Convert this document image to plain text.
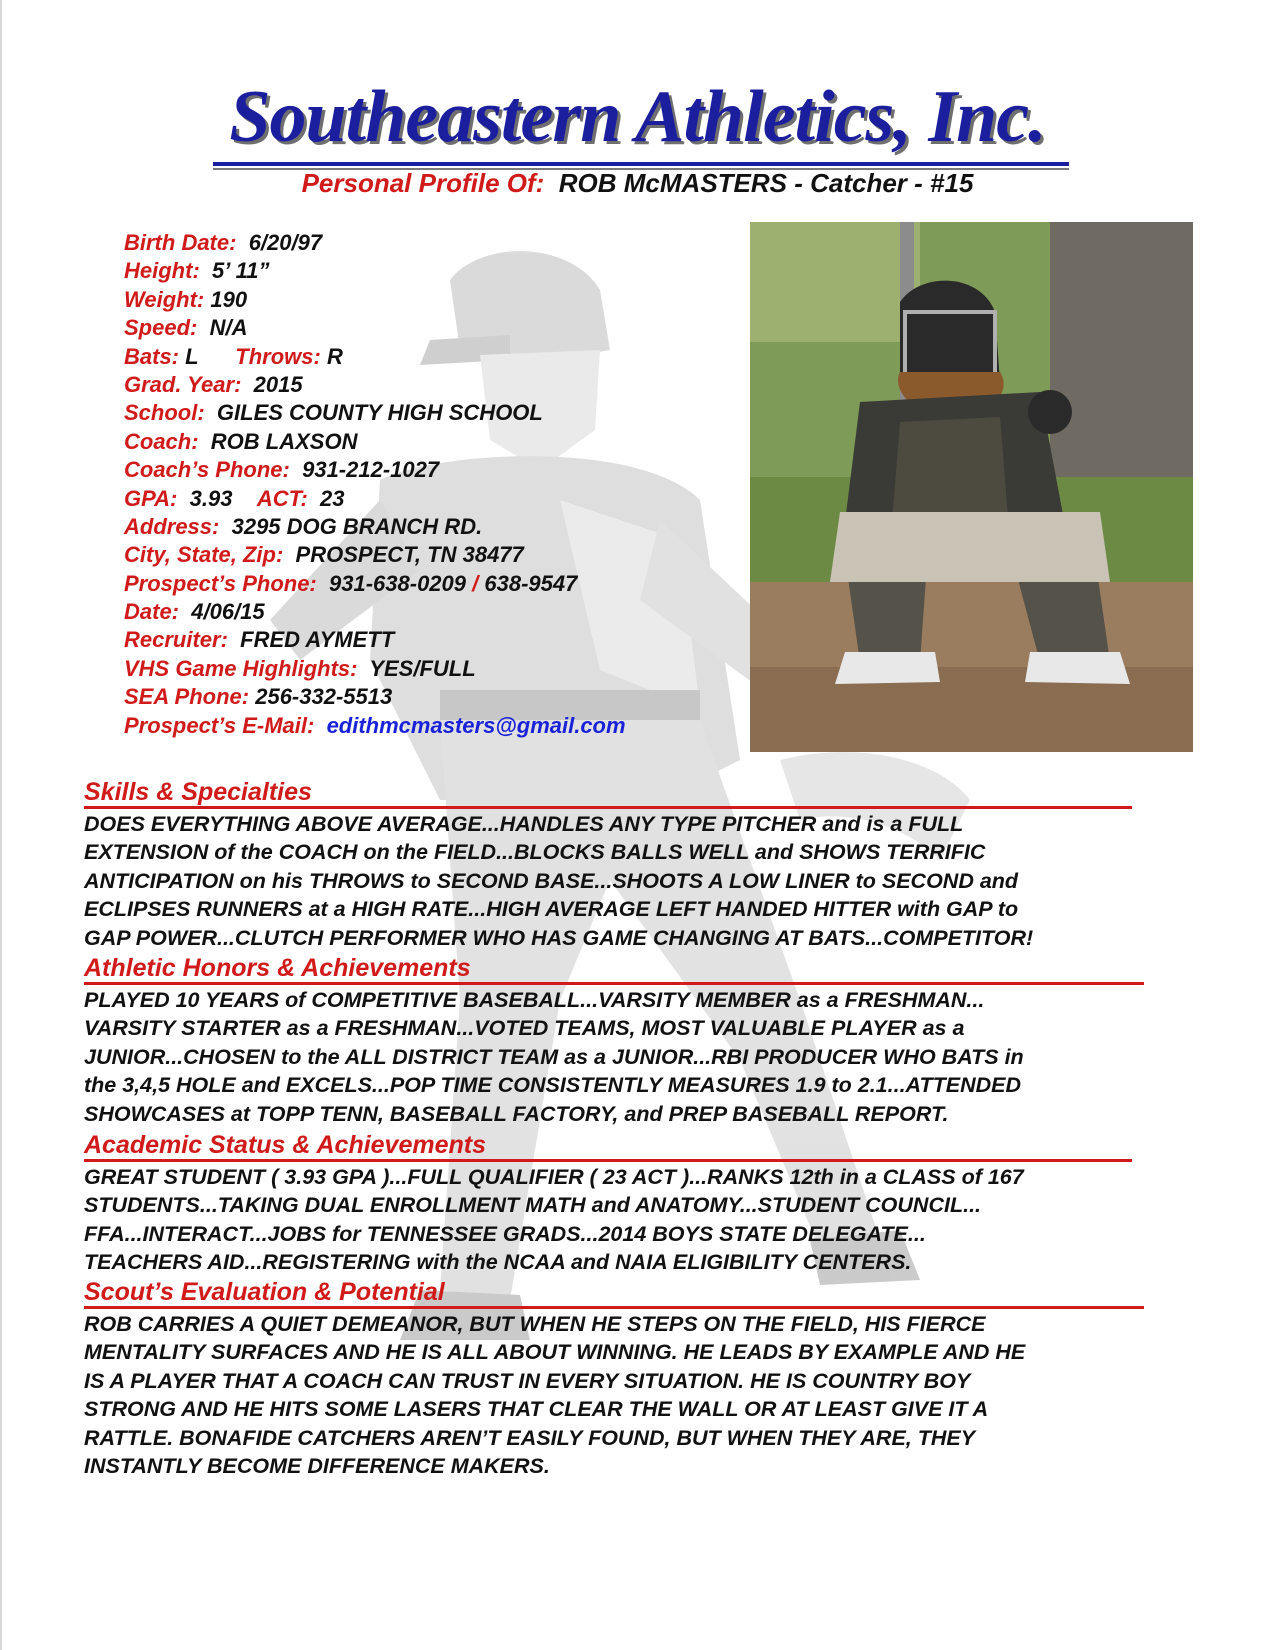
Southeastern Athletics, Inc.
Personal Profile Of: ROB McMASTERS - Catcher - #15
Birth Date: 6/20/97
Height: 5’ 11”
Weight: 190
Speed: N/A
Bats: L Throws: R
Grad. Year: 2015
School: GILES COUNTY HIGH SCHOOL
Coach: ROB LAXSON
Coach’s Phone: 931-212-1027
GPA: 3.93 ACT: 23
Address: 3295 DOG BRANCH RD.
City, State, Zip: PROSPECT, TN 38477
Prospect’s Phone: 931-638-0209 / 638-9547
Date: 4/06/15
Recruiter: FRED AYMETT
VHS Game Highlights: YES/FULL
SEA Phone: 256-332-5513
Prospect’s E-Mail: edithmcmasters@gmail.com
Skills & Specialties
DOES EVERYTHING ABOVE AVERAGE...HANDLES ANY TYPE PITCHER and is a FULL
EXTENSION of the COACH on the FIELD...BLOCKS BALLS WELL and SHOWS TERRIFIC
ANTICIPATION on his THROWS to SECOND BASE...SHOOTS A LOW LINER to SECOND and
ECLIPSES RUNNERS at a HIGH RATE...HIGH AVERAGE LEFT HANDED HITTER with GAP to
GAP POWER...CLUTCH PERFORMER WHO HAS GAME CHANGING AT BATS...COMPETITOR!
Athletic Honors & Achievements
PLAYED 10 YEARS of COMPETITIVE BASEBALL...VARSITY MEMBER as a FRESHMAN...
VARSITY STARTER as a FRESHMAN...VOTED TEAMS, MOST VALUABLE PLAYER as a
JUNIOR...CHOSEN to the ALL DISTRICT TEAM as a JUNIOR...RBI PRODUCER WHO BATS in
the 3,4,5 HOLE and EXCELS...POP TIME CONSISTENTLY MEASURES 1.9 to 2.1...ATTENDED
SHOWCASES at TOPP TENN, BASEBALL FACTORY, and PREP BASEBALL REPORT.
Academic Status & Achievements
GREAT STUDENT ( 3.93 GPA )...FULL QUALIFIER ( 23 ACT )...RANKS 12th in a CLASS of 167
STUDENTS...TAKING DUAL ENROLLMENT MATH and ANATOMY...STUDENT COUNCIL...
FFA...INTERACT...JOBS for TENNESSEE GRADS...2014 BOYS STATE DELEGATE...
TEACHERS AID...REGISTERING with the NCAA and NAIA ELIGIBILITY CENTERS.
Scout’s Evaluation & Potential
ROB CARRIES A QUIET DEMEANOR, BUT WHEN HE STEPS ON THE FIELD, HIS FIERCE
MENTALITY SURFACES AND HE IS ALL ABOUT WINNING. HE LEADS BY EXAMPLE AND HE
IS A PLAYER THAT A COACH CAN TRUST IN EVERY SITUATION. HE IS COUNTRY BOY
STRONG AND HE HITS SOME LASERS THAT CLEAR THE WALL OR AT LEAST GIVE IT A
RATTLE. BONAFIDE CATCHERS AREN’T EASILY FOUND, BUT WHEN THEY ARE, THEY
INSTANTLY BECOME DIFFERENCE MAKERS.
